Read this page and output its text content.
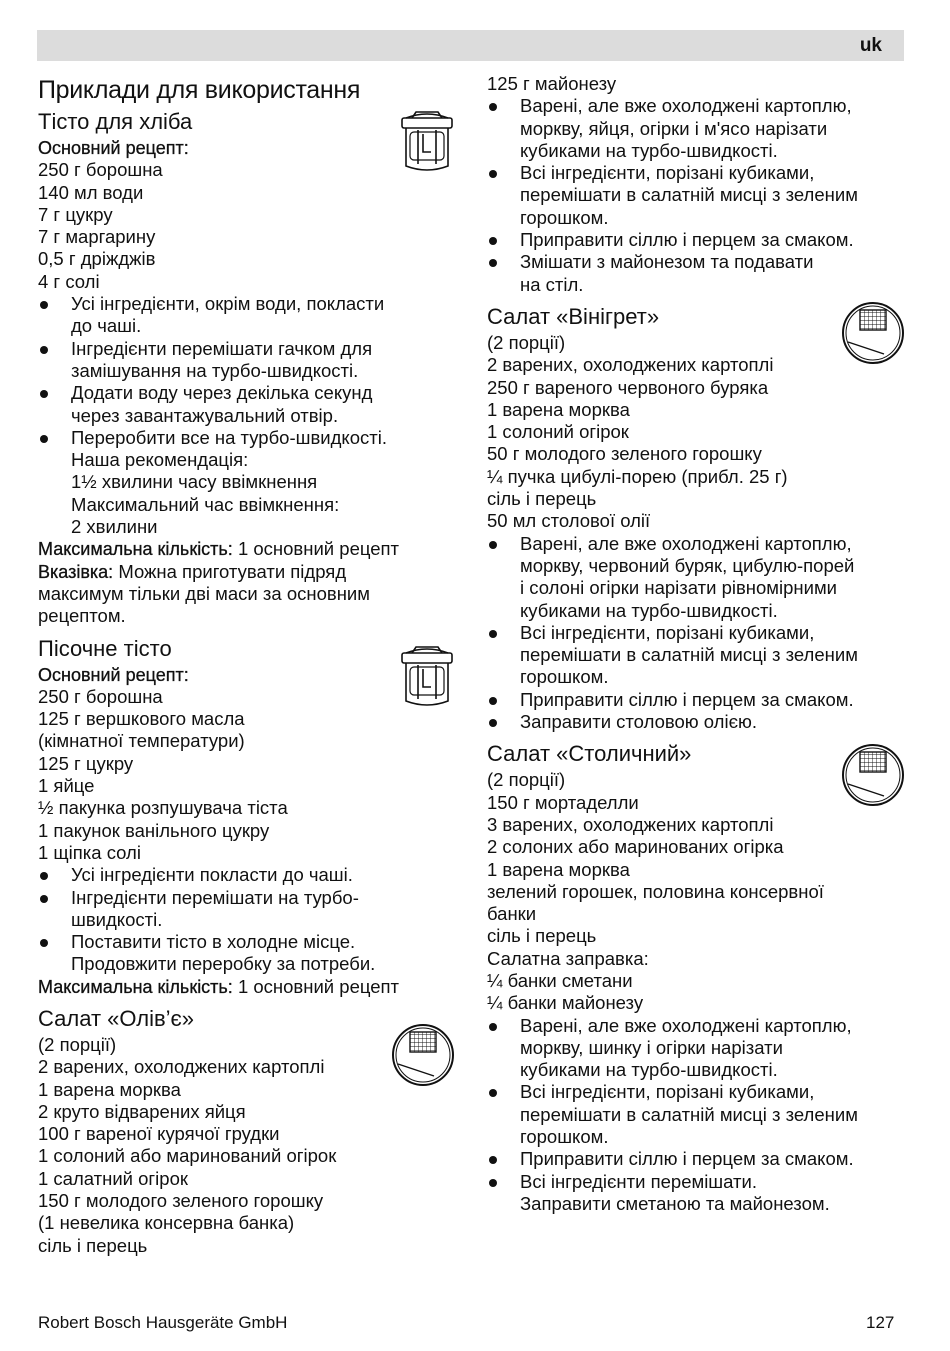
uk
Приклади для використання
Тісто для хліба
Основний рецепт:
250 г борошна
140 мл води
7 г цукру
7 г маргарину
0,5 г дріжджів
4 г солі
Усі інгредієнти, окрім води, покласти
до чаші.
Інгредієнти перемішати гачком для
замішування на турбо-швидкості.
Додати воду через декілька секунд
через завантажувальний отвір.
Переробити все на турбо-швидкості.
Наша рекомендація:
1½ хвилини часу ввімкнення
Максимальний час ввімкнення:
2 хвилини
Максимальна кількість: 1 основний рецепт
Вказівка: Можна приготувати підряд
максимум тільки дві маси за основним
рецептом.
Пісочне тісто
Основний рецепт:
250 г борошна
125 г вершкового масла
(кімнатної температури)
125 г цукру
1 яйце
½ пакунка розпушувача тіста
1 пакунок ванільного цукру
1 щіпка солі
Усі інгредієнти покласти до чаші.
Інгредієнти перемішати на турбо-
швидкості.
Поставити тісто в холодне місце.
Продовжити переробку за потреби.
Максимальна кількість: 1 основний рецепт
Салат «Олів’є»
(2 порції)
2 варених, охолоджених картоплі
1 варена морква
2 круто відварених яйця
100 г вареної курячої грудки
1 солоний або маринований огірок
1 салатний огірок
150 г молодого зеленого горошку
(1 невелика консервна банка)
сіль і перець
125 г майонезу
Варені, але вже охолоджені картоплю,
моркву, яйця, огірки і м'ясо нарізати
кубиками на турбо-швидкості.
Всі інгредієнти, порізані кубиками,
перемішати в салатній мисці з зеленим
горошком.
Приправити сіллю і перцем за смаком.
Змішати з майонезом та подавати
на стіл.
Салат «Вінігрет»
(2 порції)
2 варених, охолоджених картоплі
250 г вареного червоного буряка
1 варена морква
1 солоний огірок
50 г молодого зеленого горошку
¼ пучка цибулі-порею (прибл. 25 г)
сіль і перець
50 мл столової олії
Варені, але вже охолоджені картоплю,
моркву, червоний буряк, цибулю-порей
і солоні огірки нарізати рівномірними
кубиками на турбо-швидкості.
Всі інгредієнти, порізані кубиками,
перемішати в салатній мисці з зеленим
горошком.
Приправити сіллю і перцем за смаком.
Заправити столовою олією.
Салат «Столичний»
(2 порції)
150 г мортаделли
3 варених, охолоджених картоплі
2 солоних або маринованих огірка
1 варена морква
зелений горошек, половина консервної
банки
сіль і перець
Салатна заправка:
¼ банки сметани
¼ банки майонезу
Варені, але вже охолоджені картоплю,
моркву, шинку і огірки нарізати
кубиками на турбо-швидкості.
Всі інгредієнти, порізані кубиками,
перемішати в салатній мисці з зеленим
горошком.
Приправити сіллю і перцем за смаком.
Всі інгредієнти перемішати.
Заправити сметаною та майонезом.
Robert Bosch Hausgeräte GmbH	127
